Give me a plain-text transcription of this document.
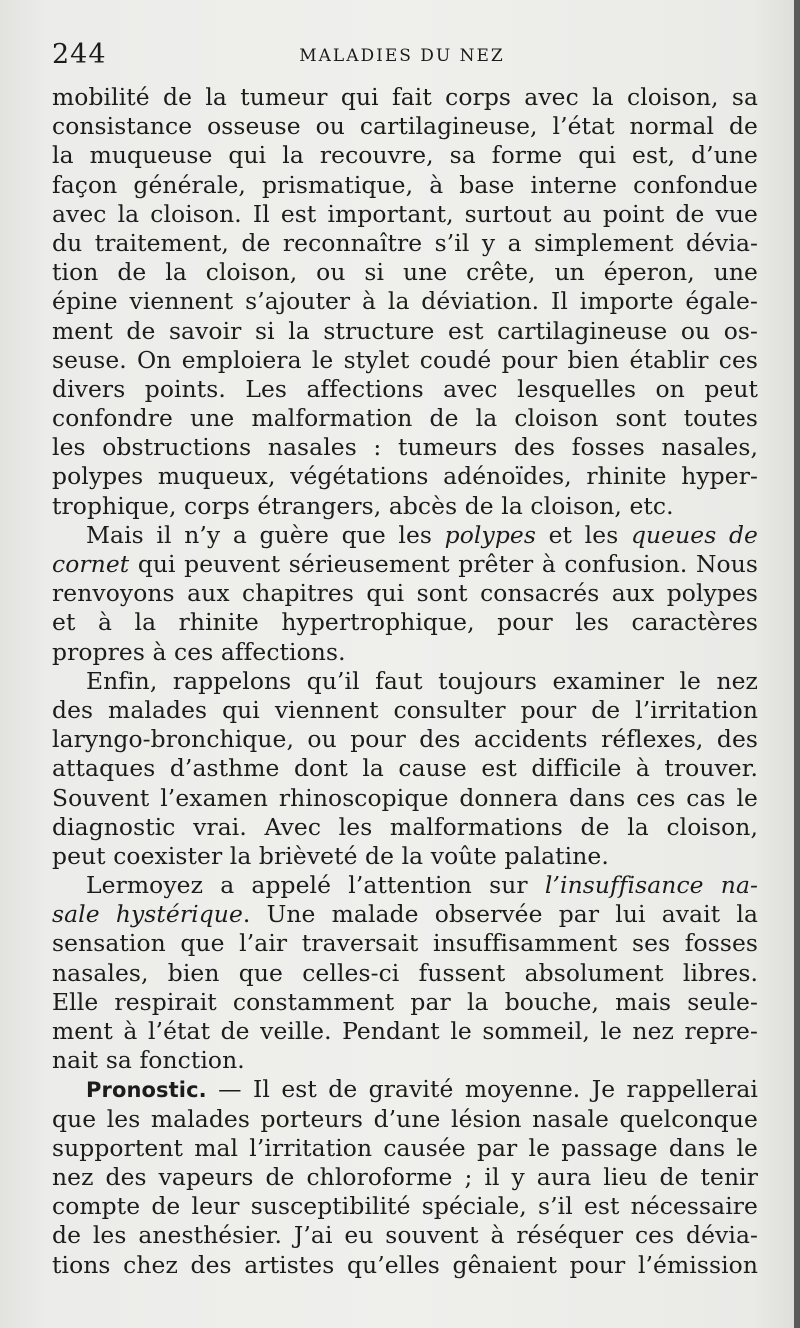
244	MALADIES DU NEZ
mobilité de la tumeur qui fait corps avec la cloison, sa
consistance osseuse ou cartilagineuse, l’état normal de
la muqueuse qui la recouvre, sa forme qui est, d’une
façon générale, prismatique, à base interne confondue
avec la cloison. Il est important, surtout au point de vue
du traitement, de reconnaître s’il y a simplement dévia-
tion de la cloison, ou si une crête, un éperon, une
épine viennent s’ajouter à la déviation. Il importe égale-
ment de savoir si la structure est cartilagineuse ou os-
seuse. On emploiera le stylet coudé pour bien établir ces
divers points. Les affections avec lesquelles on peut
confondre une malformation de la cloison sont toutes
les obstructions nasales : tumeurs des fosses nasales,
polypes muqueux, végétations adénoïdes, rhinite hyper-
trophique, corps étrangers, abcès de la cloison, etc.
Mais il n’y a guère que les polypes et les queues de
cornet qui peuvent sérieusement prêter à confusion. Nous
renvoyons aux chapitres qui sont consacrés aux polypes
et à la rhinite hypertrophique, pour les caractères
propres à ces affections.
Enfin, rappelons qu’il faut toujours examiner le nez
des malades qui viennent consulter pour de l’irritation
laryngo-bronchique, ou pour des accidents réflexes, des
attaques d’asthme dont la cause est difficile à trouver.
Souvent l’examen rhinoscopique donnera dans ces cas le
diagnostic vrai. Avec les malformations de la cloison,
peut coexister la brièveté de la voûte palatine.
Lermoyez a appelé l’attention sur l’insuffisance na-
sale hystérique. Une malade observée par lui avait la
sensation que l’air traversait insuffisamment ses fosses
nasales, bien que celles-ci fussent absolument libres.
Elle respirait constamment par la bouche, mais seule-
ment à l’état de veille. Pendant le sommeil, le nez repre-
nait sa fonction.
Pronostic. — Il est de gravité moyenne. Je rappellerai
que les malades porteurs d’une lésion nasale quelconque
supportent mal l’irritation causée par le passage dans le
nez des vapeurs de chloroforme ; il y aura lieu de tenir
compte de leur susceptibilité spéciale, s’il est nécessaire
de les anesthésier. J’ai eu souvent à réséquer ces dévia-
tions chez des artistes qu’elles gênaient pour l’émission
